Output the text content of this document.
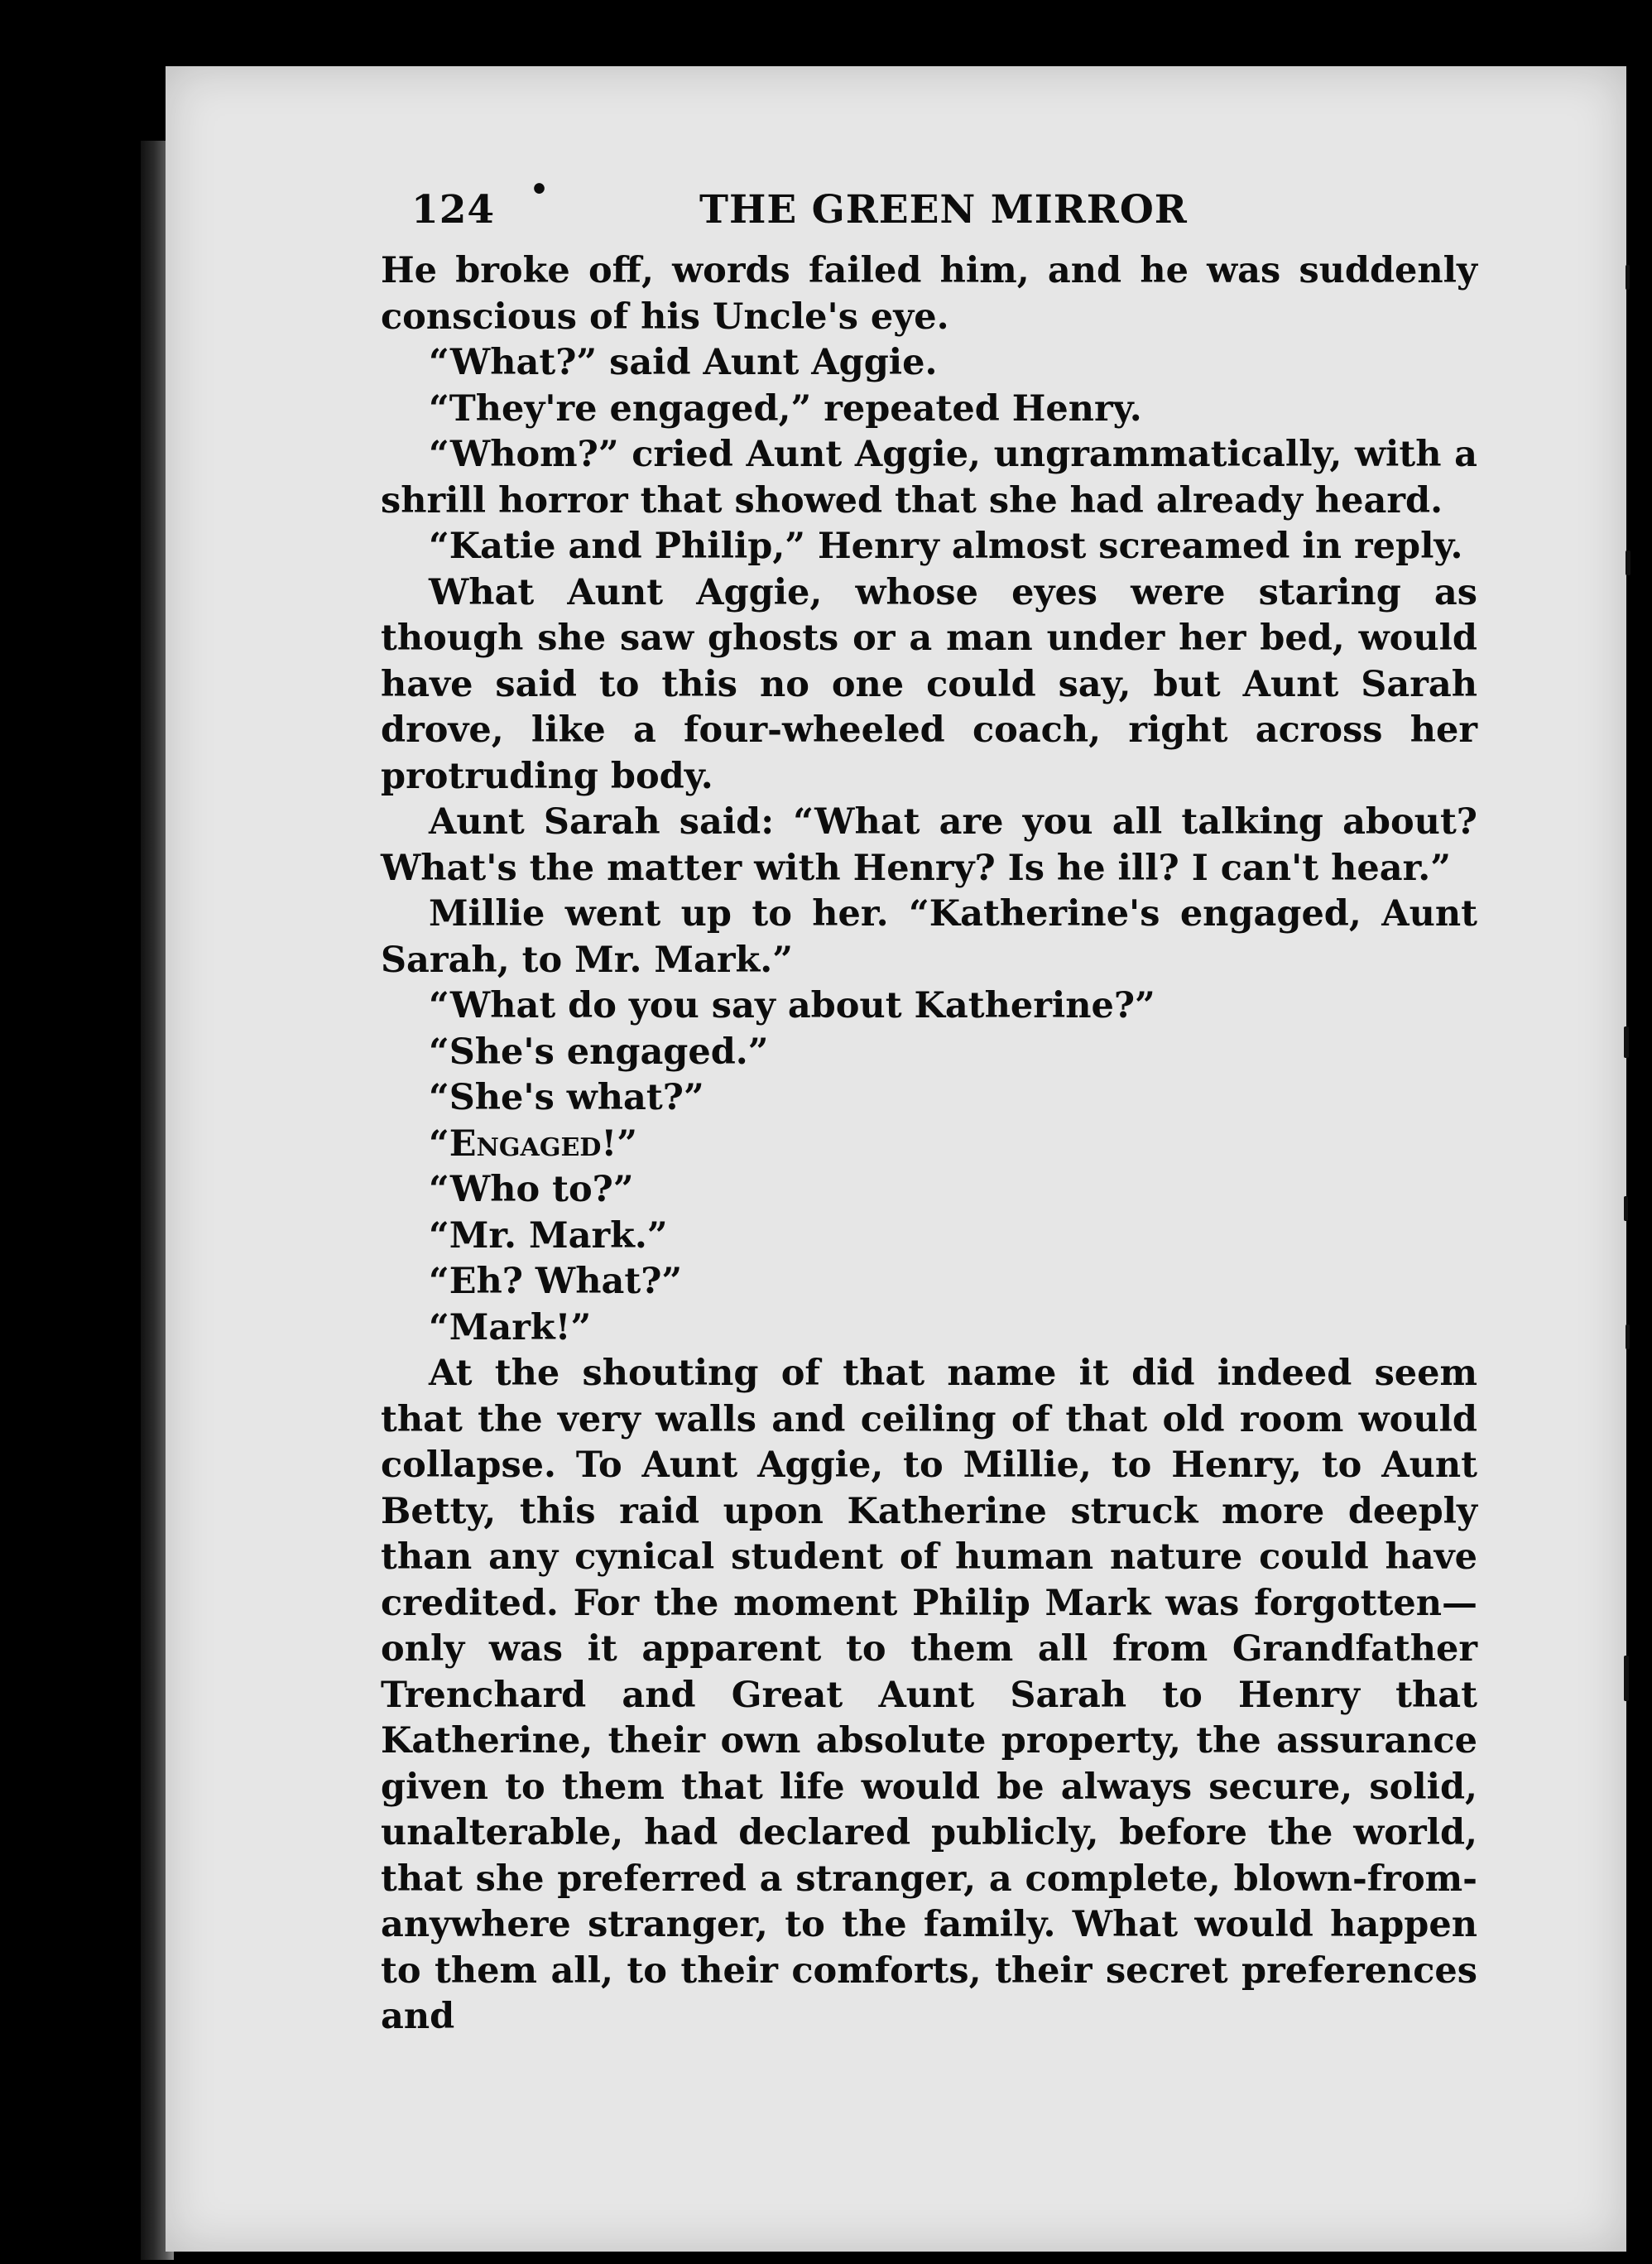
124 •	THE GREEN MIRROR

He broke off, words failed him, and he was suddenly conscious of his Uncle's eye.

“What?” said Aunt Aggie.

“They're engaged,” repeated Henry.

“Whom?” cried Aunt Aggie, ungrammatically, with a shrill horror that showed that she had already heard.

“Katie and Philip,” Henry almost screamed in reply.

What Aunt Aggie, whose eyes were staring as though she saw ghosts or a man under her bed, would have said to this no one could say, but Aunt Sarah drove, like a four-wheeled coach, right across her protruding body.

Aunt Sarah said: “What are you all talking about? What's the matter with Henry? Is he ill? I can't hear.”

Millie went up to her. “Katherine's engaged, Aunt Sarah, to Mr. Mark.”

“What do you say about Katherine?”

“She's engaged.”

“She's what?”

“Engaged!”

“Who to?”

“Mr. Mark.”

“Eh? What?”

“Mark!”

At the shouting of that name it did indeed seem that the very walls and ceiling of that old room would collapse. To Aunt Aggie, to Millie, to Henry, to Aunt Betty, this raid upon Katherine struck more deeply than any cynical student of human nature could have credited. For the moment Philip Mark was forgotten—only was it apparent to them all from Grandfather Trenchard and Great Aunt Sarah to Henry that Katherine, their own absolute property, the assurance given to them that life would be always secure, solid, unalterable, had declared publicly, before the world, that she preferred a stranger, a complete, blown-from-anywhere stranger, to the family. What would happen to them all, to their comforts, their secret preferences and
